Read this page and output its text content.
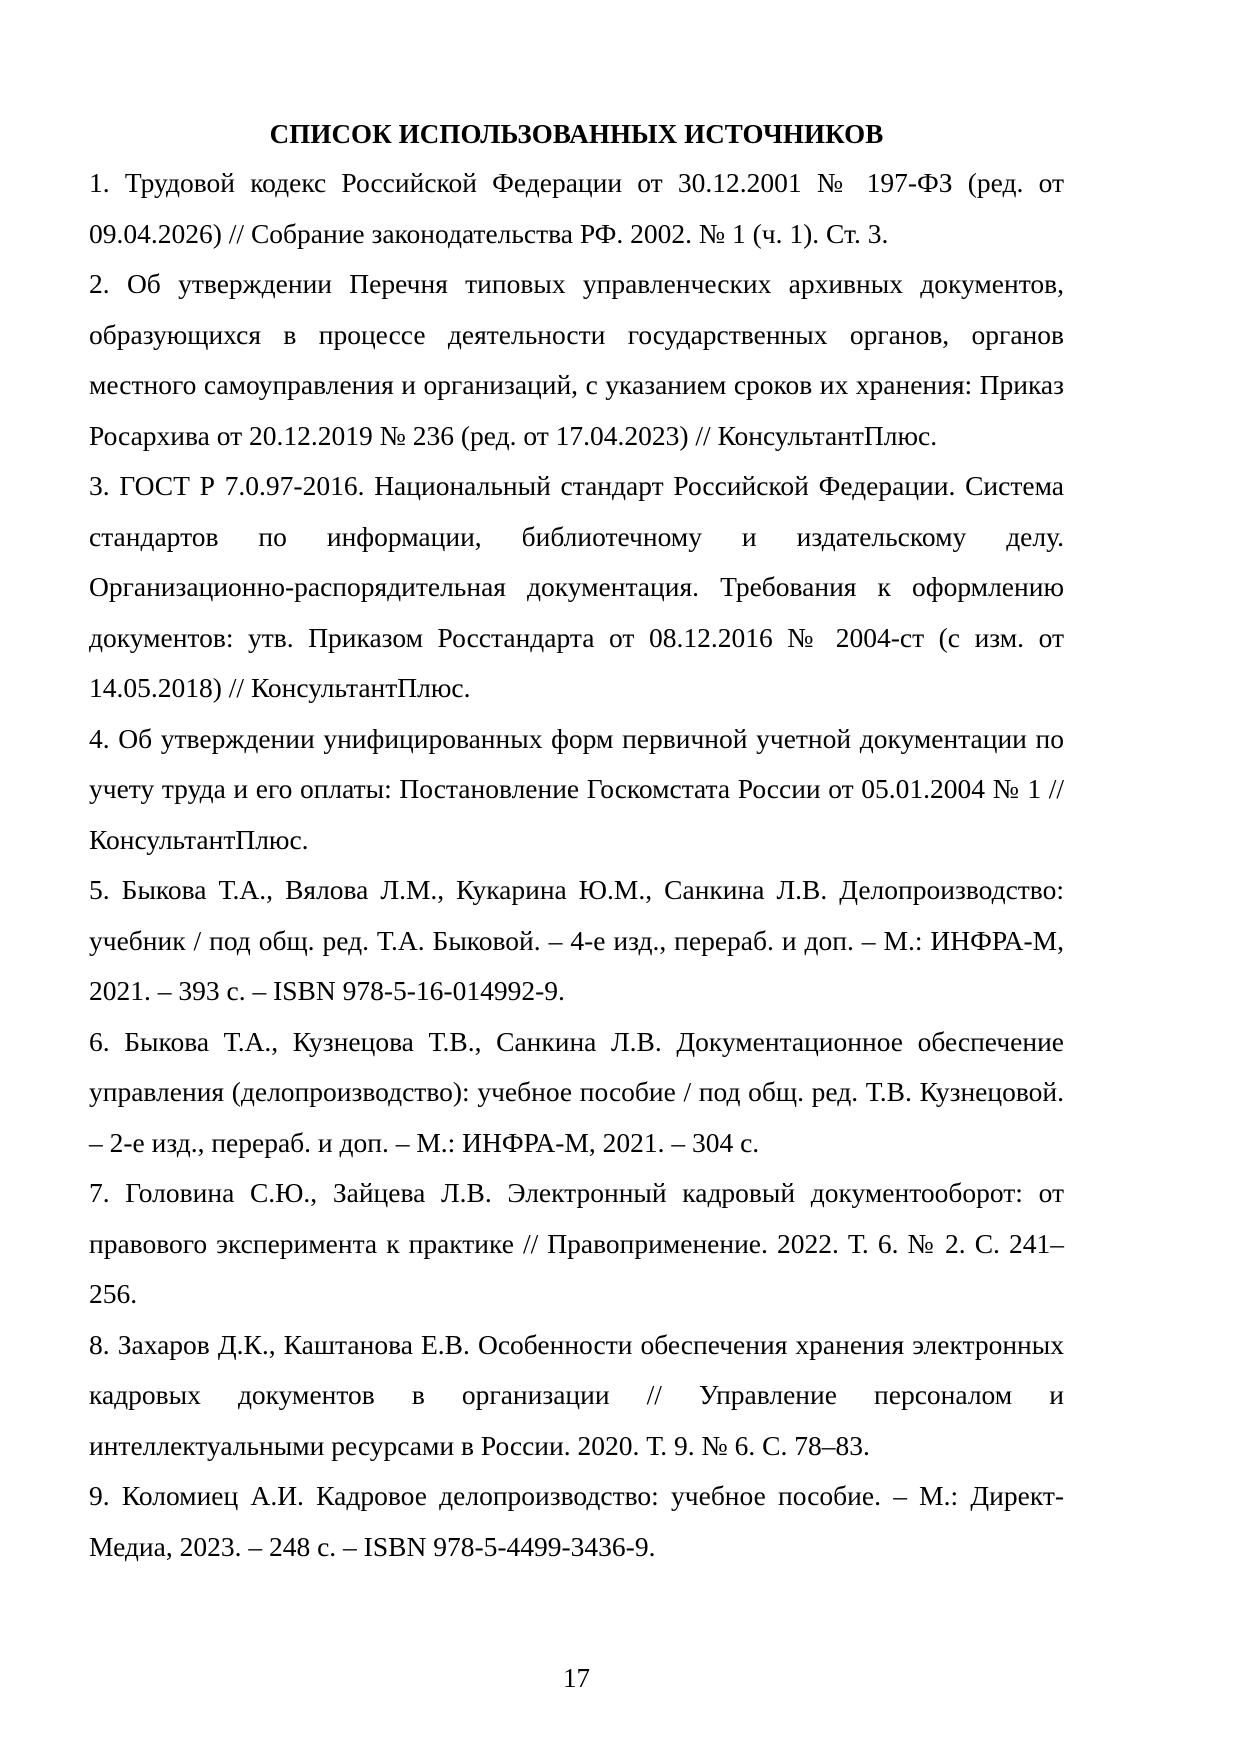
СПИСОК ИСПОЛЬЗОВАННЫХ ИСТОЧНИКОВ

1. Трудовой кодекс Российской Федерации от 30.12.2001 № 197-ФЗ (ред. от 09.04.2026) // Собрание законодательства РФ. 2002. № 1 (ч. 1). Ст. 3.

2. Об утверждении Перечня типовых управленческих архивных документов, образующихся в процессе деятельности государственных органов, органов местного самоуправления и организаций, с указанием сроков их хранения: Приказ Росархива от 20.12.2019 № 236 (ред. от 17.04.2023) // КонсультантПлюс.

3. ГОСТ Р 7.0.97-2016. Национальный стандарт Российской Федерации. Система стандартов по информации, библиотечному и издательскому делу. Организационно-распорядительная документация. Требования к оформлению документов: утв. Приказом Росстандарта от 08.12.2016 № 2004-ст (с изм. от 14.05.2018) // КонсультантПлюс.

4. Об утверждении унифицированных форм первичной учетной документации по учету труда и его оплаты: Постановление Госкомстата России от 05.01.2004 № 1 // КонсультантПлюс.

5. Быкова Т.А., Вялова Л.М., Кукарина Ю.М., Санкина Л.В. Делопроизводство: учебник / под общ. ред. Т.А. Быковой. – 4-е изд., перераб. и доп. – М.: ИНФРА-М, 2021. – 393 с. – ISBN 978-5-16-014992-9.

6. Быкова Т.А., Кузнецова Т.В., Санкина Л.В. Документационное обеспечение управления (делопроизводство): учебное пособие / под общ. ред. Т.В. Кузнецовой. – 2-е изд., перераб. и доп. – М.: ИНФРА-М, 2021. – 304 с.

7. Головина С.Ю., Зайцева Л.В. Электронный кадровый документооборот: от правового эксперимента к практике // Правоприменение. 2022. Т. 6. № 2. С. 241–256.

8. Захаров Д.К., Каштанова Е.В. Особенности обеспечения хранения электронных кадровых документов в организации // Управление персоналом и интеллектуальными ресурсами в России. 2020. Т. 9. № 6. С. 78–83.

9. Коломиец А.И. Кадровое делопроизводство: учебное пособие. – М.: Директ-Медиа, 2023. – 248 с. – ISBN 978-5-4499-3436-9.

17
